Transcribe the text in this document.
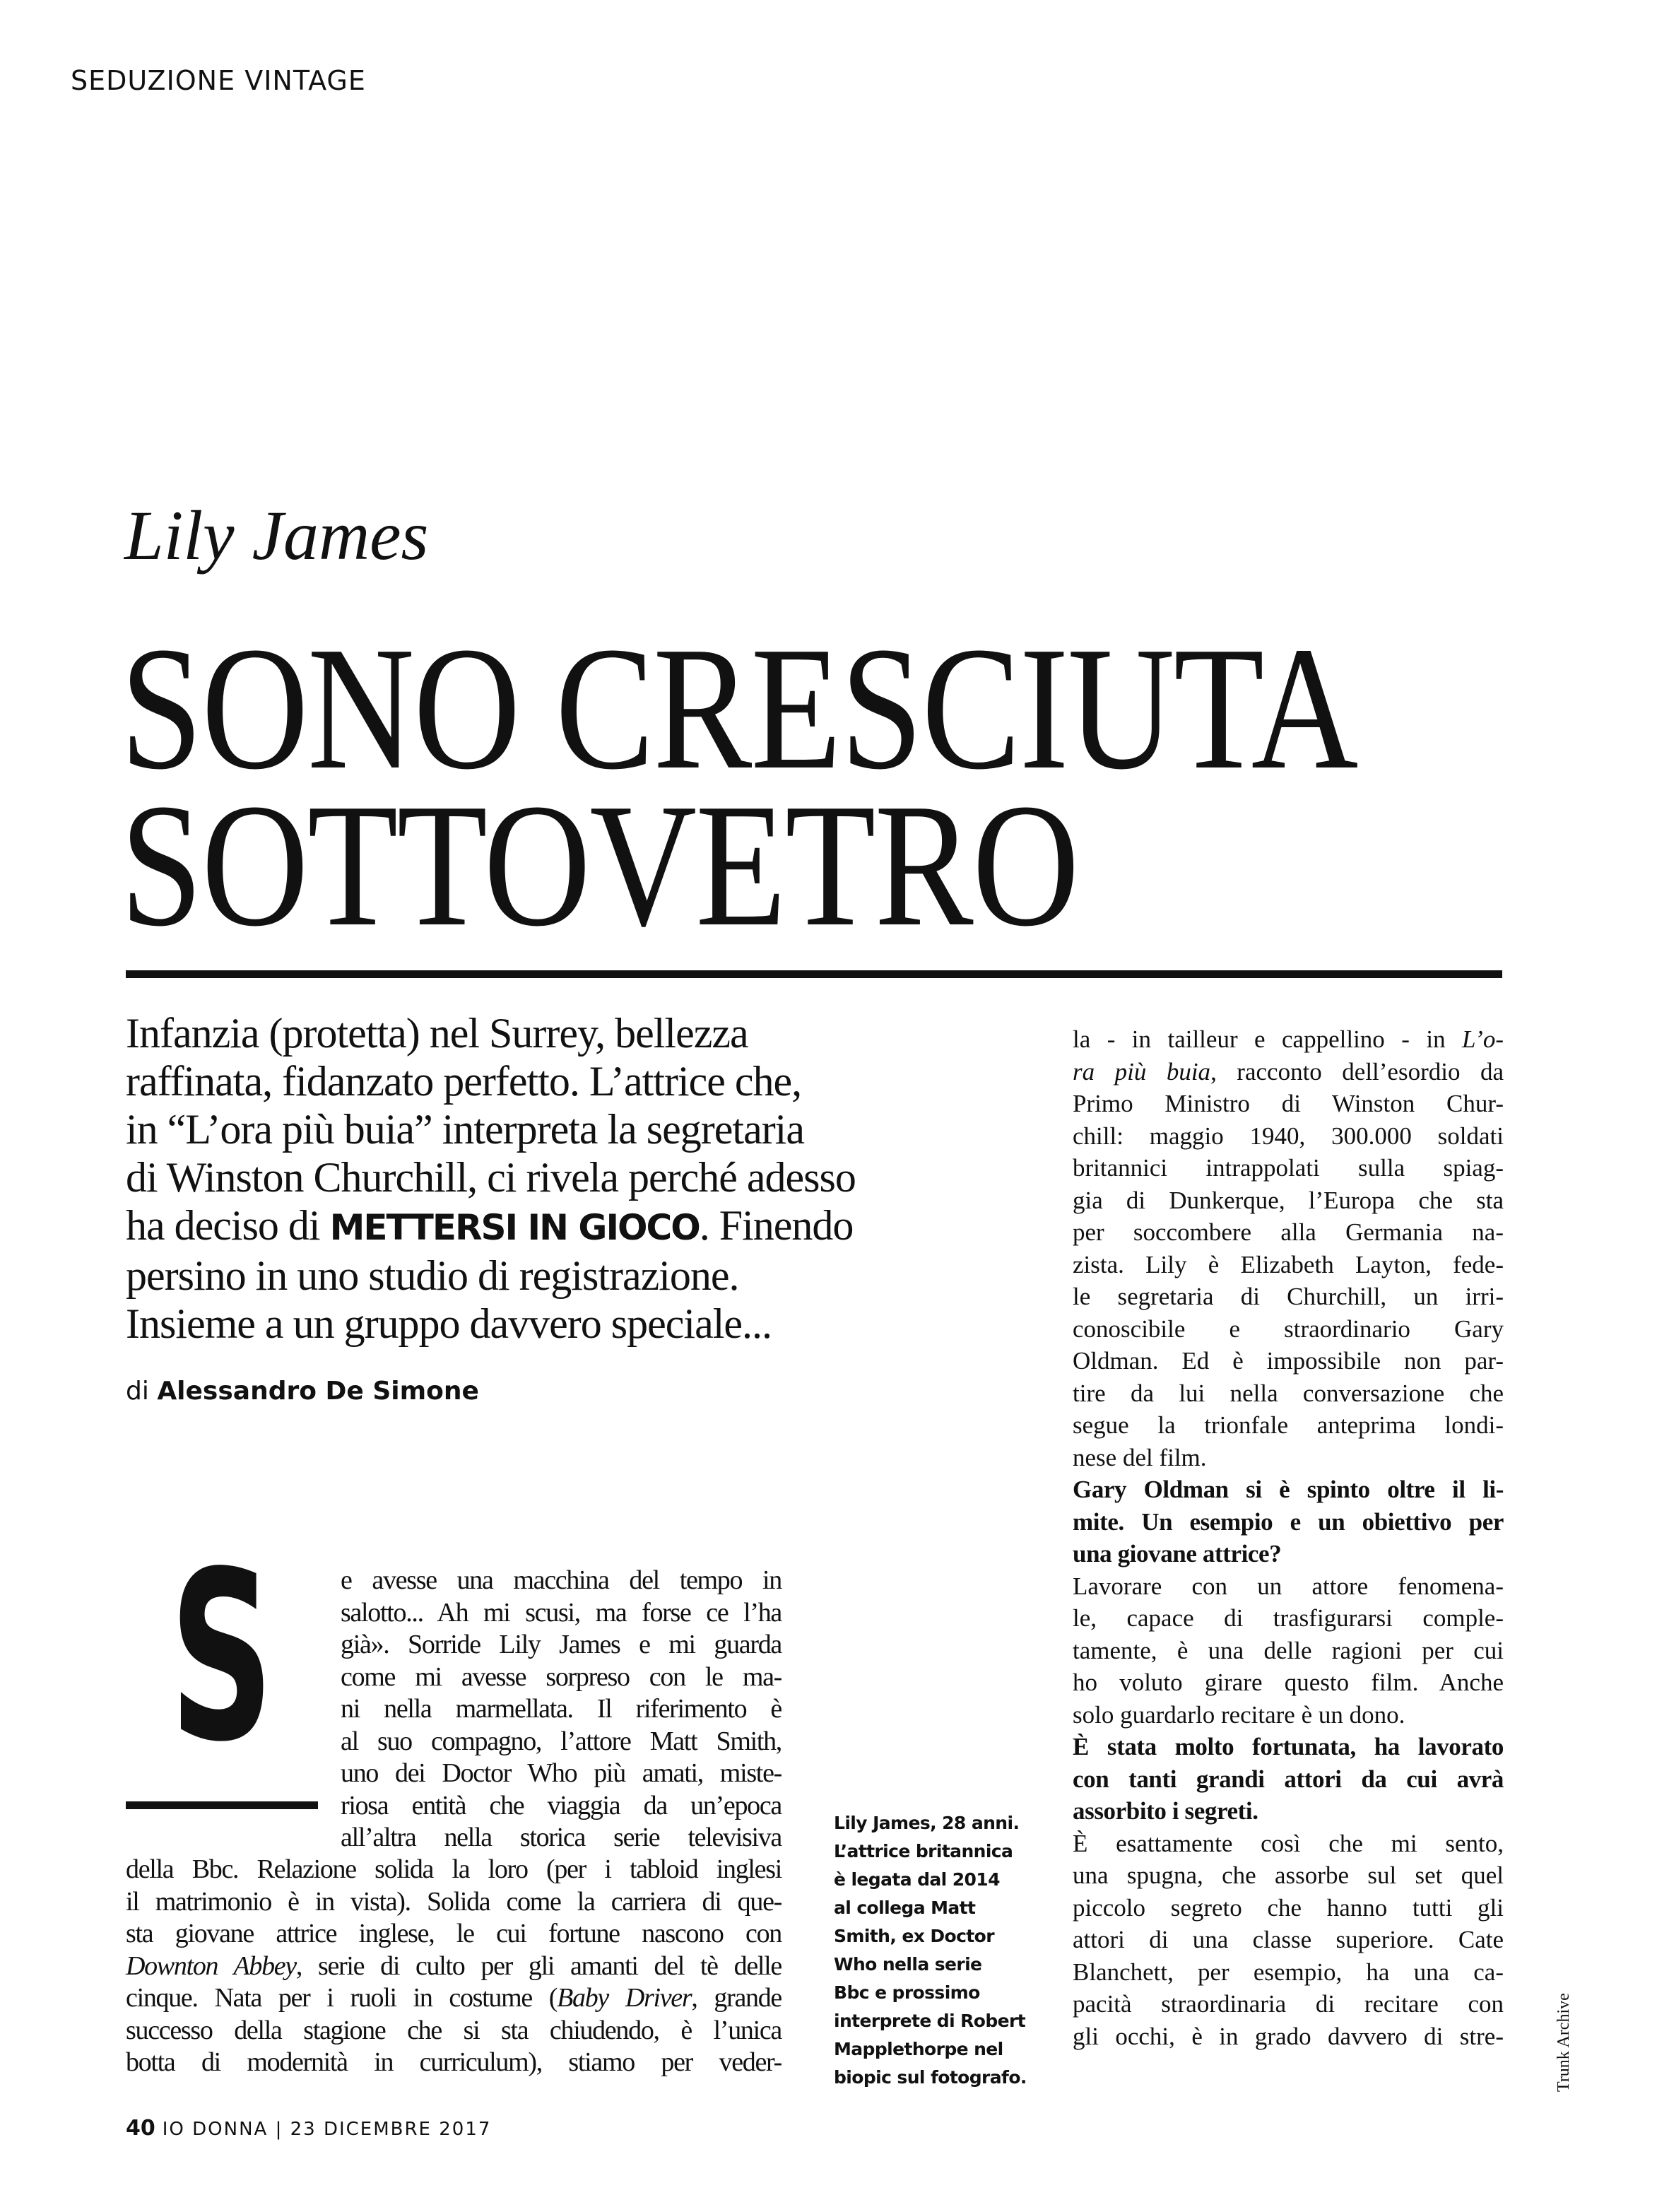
SEDUZIONE VINTAGE
Lily James
SONO CRESCIUTA
SOTTOVETRO
Infanzia (protetta) nel Surrey, bellezza
raffinata, fidanzato perfetto. L’attrice che,
in “L’ora più buia” interpreta la segretaria
di Winston Churchill, ci rivela perché adesso
ha deciso di METTERSI IN GIOCO. Finendo
persino in uno studio di registrazione.
Insieme a un gruppo davvero speciale...
di Alessandro De Simone
S e avesse una macchina del tempo in
salotto... Ah mi scusi, ma forse ce l’ha
già». Sorride Lily James e mi guarda
come mi avesse sorpreso con le ma-
ni nella marmellata. Il riferimento è
al suo compagno, l’attore Matt Smith,
uno dei Doctor Who più amati, miste-
riosa entità che viaggia da un’epoca
all’altra nella storica serie televisiva
della Bbc. Relazione solida la loro (per i tabloid inglesi
il matrimonio è in vista). Solida come la carriera di que-
sta giovane attrice inglese, le cui fortune nascono con
Downton Abbey, serie di culto per gli amanti del tè delle
cinque. Nata per i ruoli in costume (Baby Driver, grande
successo della stagione che si sta chiudendo, è l’unica
botta di modernità in curriculum), stiamo per veder-
Lily James, 28 anni.
L’attrice britannica
è legata dal 2014
al collega Matt
Smith, ex Doctor
Who nella serie
Bbc e prossimo
interprete di Robert
Mapplethorpe nel
biopic sul fotografo.
la - in tailleur e cappellino - in L’o-
ra più buia, racconto dell’esordio da
Primo Ministro di Winston Chur-
chill: maggio 1940, 300.000 soldati
britannici intrappolati sulla spiag-
gia di Dunkerque, l’Europa che sta
per soccombere alla Germania na-
zista. Lily è Elizabeth Layton, fede-
le segretaria di Churchill, un irri-
conoscibile e straordinario Gary
Oldman. Ed è impossibile non par-
tire da lui nella conversazione che
segue la trionfale anteprima londi-
nese del film.
Gary Oldman si è spinto oltre il li-
mite. Un esempio e un obiettivo per
una giovane attrice?
Lavorare con un attore fenomena-
le, capace di trasfigurarsi comple-
tamente, è una delle ragioni per cui
ho voluto girare questo film. Anche
solo guardarlo recitare è un dono.
È stata molto fortunata, ha lavorato
con tanti grandi attori da cui avrà
assorbito i segreti.
È esattamente così che mi sento,
una spugna, che assorbe sul set quel
piccolo segreto che hanno tutti gli
attori di una classe superiore. Cate
Blanchett, per esempio, ha una ca-
pacità straordinaria di recitare con
gli occhi, è in grado davvero di stre-	Trunk Archive
40 IO DONNA | 23 DICEMBRE 2017
